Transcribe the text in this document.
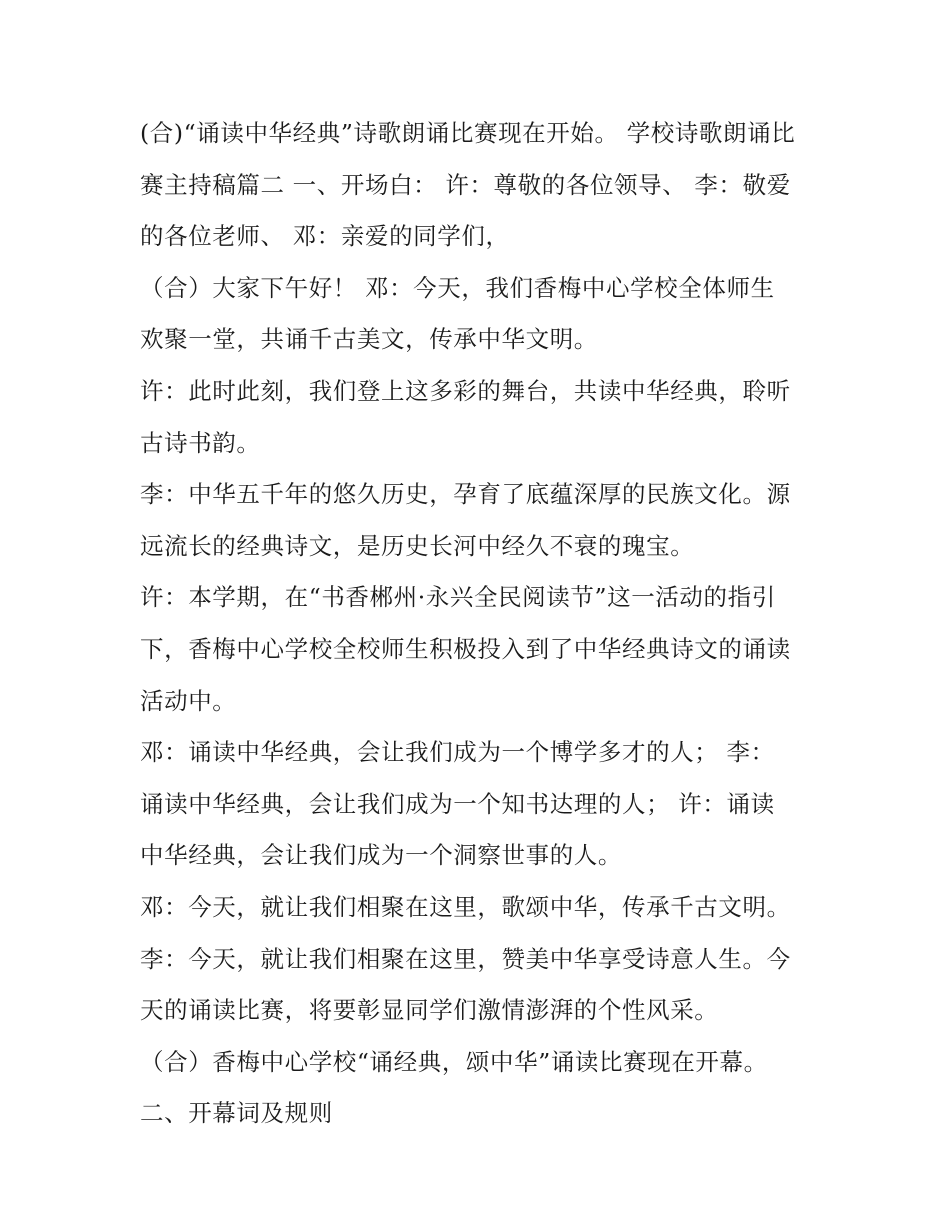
(合)“诵读中华经典”诗歌朗诵比赛现在开始。 学校诗歌朗诵比
赛主持稿篇二 一、开场白： 许：尊敬的各位领导、 李：敬爱
的各位老师、 邓：亲爱的同学们，
（合）大家下午好！ 邓：今天，我们香梅中心学校全体师生
欢聚一堂，共诵千古美文，传承中华文明。
许：此时此刻，我们登上这多彩的舞台，共读中华经典，聆听
古诗书韵。
李：中华五千年的悠久历史，孕育了底蕴深厚的民族文化。源
远流长的经典诗文，是历史长河中经久不衰的瑰宝。
许：本学期，在“书香郴州·永兴全民阅读节”这一活动的指引
下，香梅中心学校全校师生积极投入到了中华经典诗文的诵读
活动中。
邓：诵读中华经典，会让我们成为一个博学多才的人； 李：
诵读中华经典，会让我们成为一个知书达理的人； 许：诵读
中华经典，会让我们成为一个洞察世事的人。
邓：今天，就让我们相聚在这里，歌颂中华，传承千古文明。
李：今天，就让我们相聚在这里，赞美中华享受诗意人生。今
天的诵读比赛，将要彰显同学们激情澎湃的个性风采。
（合）香梅中心学校“诵经典，颂中华”诵读比赛现在开幕。
二、开幕词及规则
